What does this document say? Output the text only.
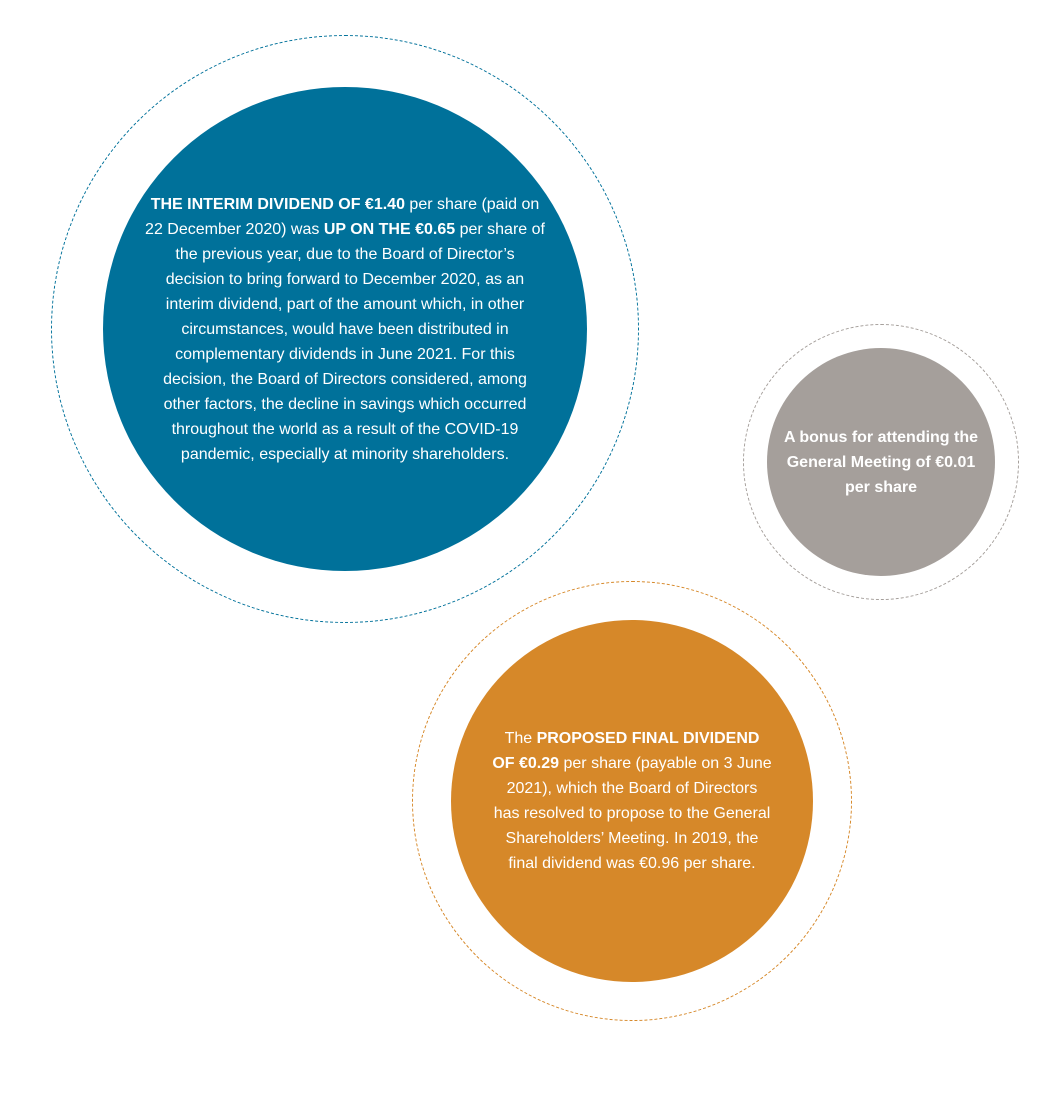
THE INTERIM DIVIDEND OF €1.40 per share (paid on 22 December 2020) was UP ON THE €0.65 per share of the previous year, due to the Board of Director’s decision to bring forward to December 2020, as an interim dividend, part of the amount which, in other circumstances, would have been distributed in complementary dividends in June 2021. For this decision, the Board of Directors considered, among other factors, the decline in savings which occurred throughout the world as a result of the COVID-19 pandemic, especially at minority shareholders.

A bonus for attending the General Meeting of €0.01 per share

The PROPOSED FINAL DIVIDEND OF €0.29 per share (payable on 3 June 2021), which the Board of Directors has resolved to propose to the General Shareholders’ Meeting. In 2019, the final dividend was €0.96 per share.
